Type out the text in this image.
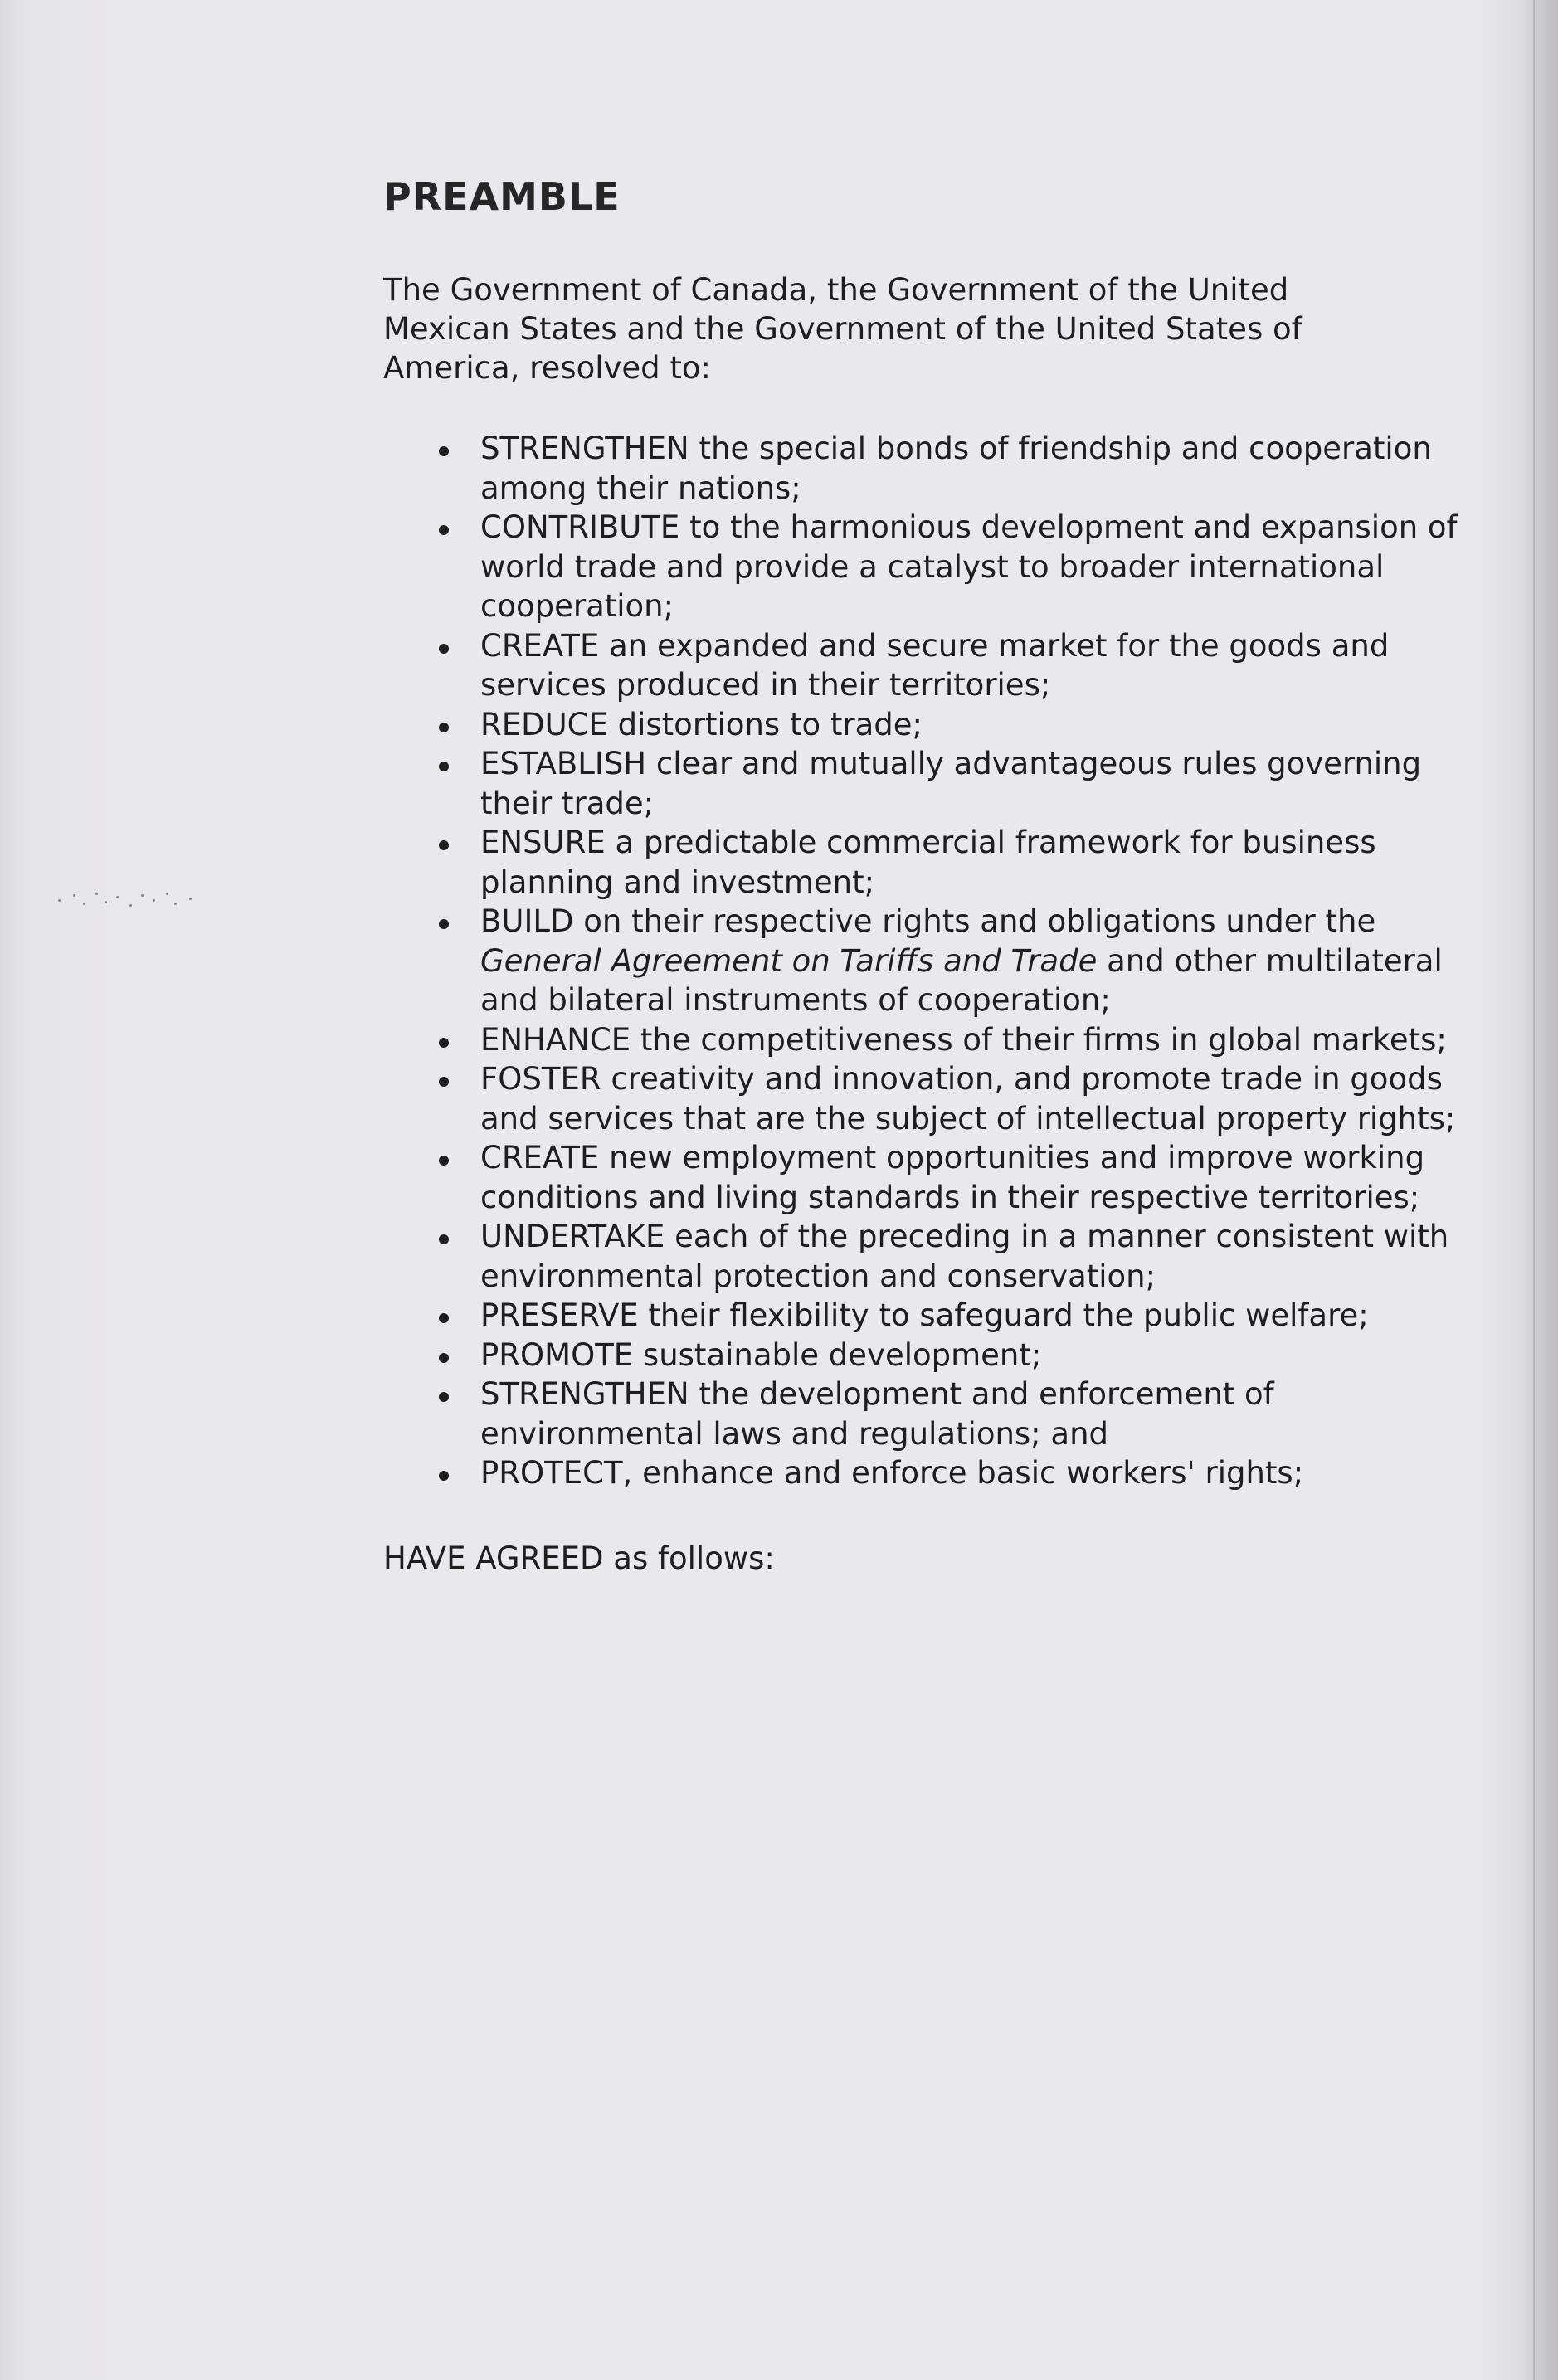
PREAMBLE

The Government of Canada, the Government of the United Mexican States and the Government of the United States of America, resolved to:

STRENGTHEN the special bonds of friendship and cooperation among their nations;
CONTRIBUTE to the harmonious development and expansion of world trade and provide a catalyst to broader international cooperation;
CREATE an expanded and secure market for the goods and services produced in their territories;
REDUCE distortions to trade;
ESTABLISH clear and mutually advantageous rules governing their trade;
ENSURE a predictable commercial framework for business planning and investment;
BUILD on their respective rights and obligations under the General Agreement on Tariffs and Trade and other multilateral and bilateral instruments of cooperation;
ENHANCE the competitiveness of their firms in global markets;
FOSTER creativity and innovation, and promote trade in goods and services that are the subject of intellectual property rights;
CREATE new employment opportunities and improve working conditions and living standards in their respective territories;
UNDERTAKE each of the preceding in a manner consistent with environmental protection and conservation;
PRESERVE their flexibility to safeguard the public welfare;
PROMOTE sustainable development;
STRENGTHEN the development and enforcement of environmental laws and regulations; and
PROTECT, enhance and enforce basic workers' rights;

HAVE AGREED as follows:
